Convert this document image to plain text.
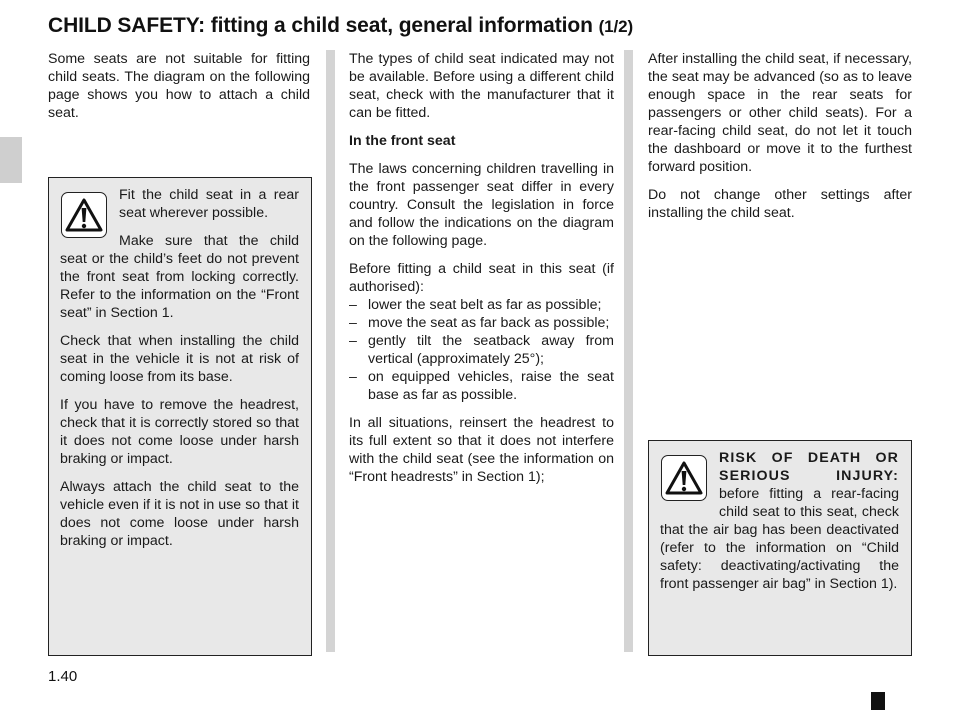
CHILD SAFETY: fitting a child seat, general information (1/2)

Some seats are not suitable for fitting child seats. The diagram on the following page shows you how to attach a child seat.

Fit the child seat in a rear seat wherever possible.

Make sure that the child seat or the child’s feet do not prevent the front seat from locking correctly. Refer to the information on the “Front seat” in Section 1.

Check that when installing the child seat in the vehicle it is not at risk of coming loose from its base.

If you have to remove the headrest, check that it is correctly stored so that it does not come loose under harsh braking or impact.

Always attach the child seat to the vehicle even if it is not in use so that it does not come loose under harsh braking or impact.

The types of child seat indicated may not be available. Before using a different child seat, check with the manufacturer that it can be fitted.

In the front seat

The laws concerning children travelling in the front passenger seat differ in every country. Consult the legislation in force and follow the indications on the diagram on the following page.

Before fitting a child seat in this seat (if authorised):

– lower the seat belt as far as possible;
– move the seat as far back as possible;
– gently tilt the seatback away from vertical (approximately 25°);
– on equipped vehicles, raise the seat base as far as possible.

In all situations, reinsert the headrest to its full extent so that it does not interfere with the child seat (see the information on “Front headrests” in Section 1);

After installing the child seat, if necessary, the seat may be advanced (so as to leave enough space in the rear seats for passengers or other child seats). For a rear-facing child seat, do not let it touch the dashboard or move it to the furthest forward position.

Do not change other settings after installing the child seat.

RISK OF DEATH OR SERIOUS INJURY: before fitting a rear-facing child seat to this seat, check that the air bag has been deactivated (refer to the information on “Child safety: deactivating/activating the front passenger air bag” in Section 1).

1.40
